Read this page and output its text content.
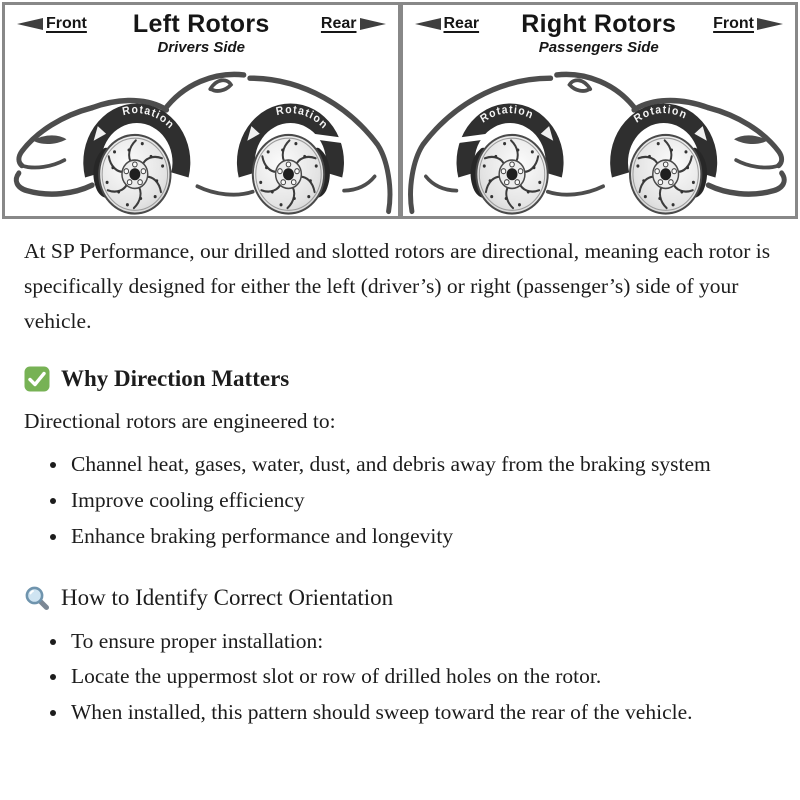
Front	Left Rotors
Drivers Side
Rear
Rotation
Rotation
Rear	Right Rotors
Passengers Side
Front
Rotation	Rotation

At SP Performance, our drilled and slotted rotors are directional, meaning each rotor is specifically designed for either the left (driver’s) or right (passenger’s) side of your vehicle.

Why Direction Matters

Directional rotors are engineered to:

• Channel heat, gases, water, dust, and debris away from the braking system
• Improve cooling efficiency
• Enhance braking performance and longevity
How to Identify Correct Orientation
• To ensure proper installation:
• Locate the uppermost slot or row of drilled holes on the rotor.
• When installed, this pattern should sweep toward the rear of the vehicle.
